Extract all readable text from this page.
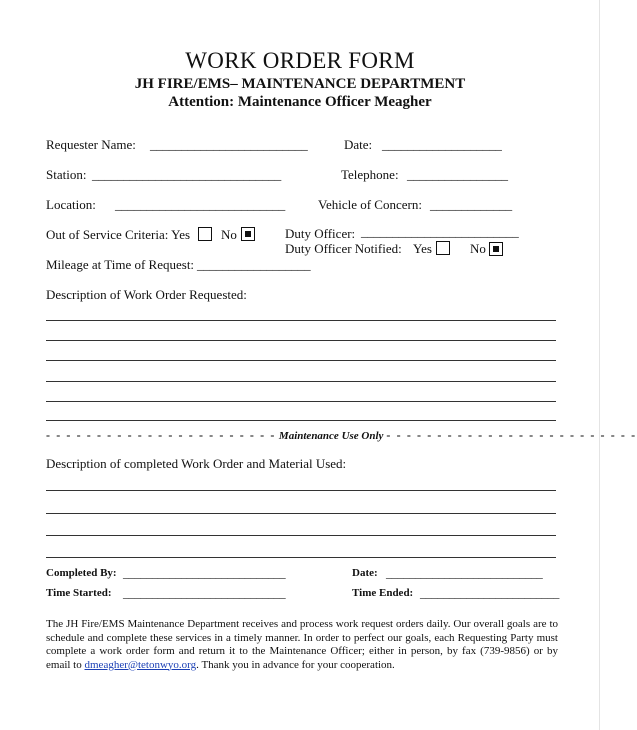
WORK ORDER FORM
JH FIRE/EMS– MAINTENANCE DEPARTMENT
Attention: Maintenance Officer Meagher
Requester Name: _________________________	Date: ___________________
Station: ______________________________	Telephone: ________________
Location: ___________________________	Vehicle of Concern: _____________
Out of Service Criteria: Yes No	Duty Officer: _________________________
Duty Officer Notified: Yes	No
Mileage at Time of Request: __________________
Description of Work Order Requested:
- - - - - - - - - - - - - - - - - - - - - - - Maintenance Use Only - - - - - - - - - - - - - - - - - - - - - - - - -
Description of completed Work Order and Material Used:
Completed By: ____________________________	Date: ___________________________
Time Started: ____________________________	Time Ended: ________________________
The JH Fire/EMS Maintenance Department receives and process work request orders daily. Our overall goals are to schedule and complete these services in a timely manner. In order to perfect our goals, each Requesting Party must complete a work order form and return it to the Maintenance Officer; either in person, by fax (739-9856) or by email to dmeagher@tetonwyo.org. Thank you in advance for your cooperation.
